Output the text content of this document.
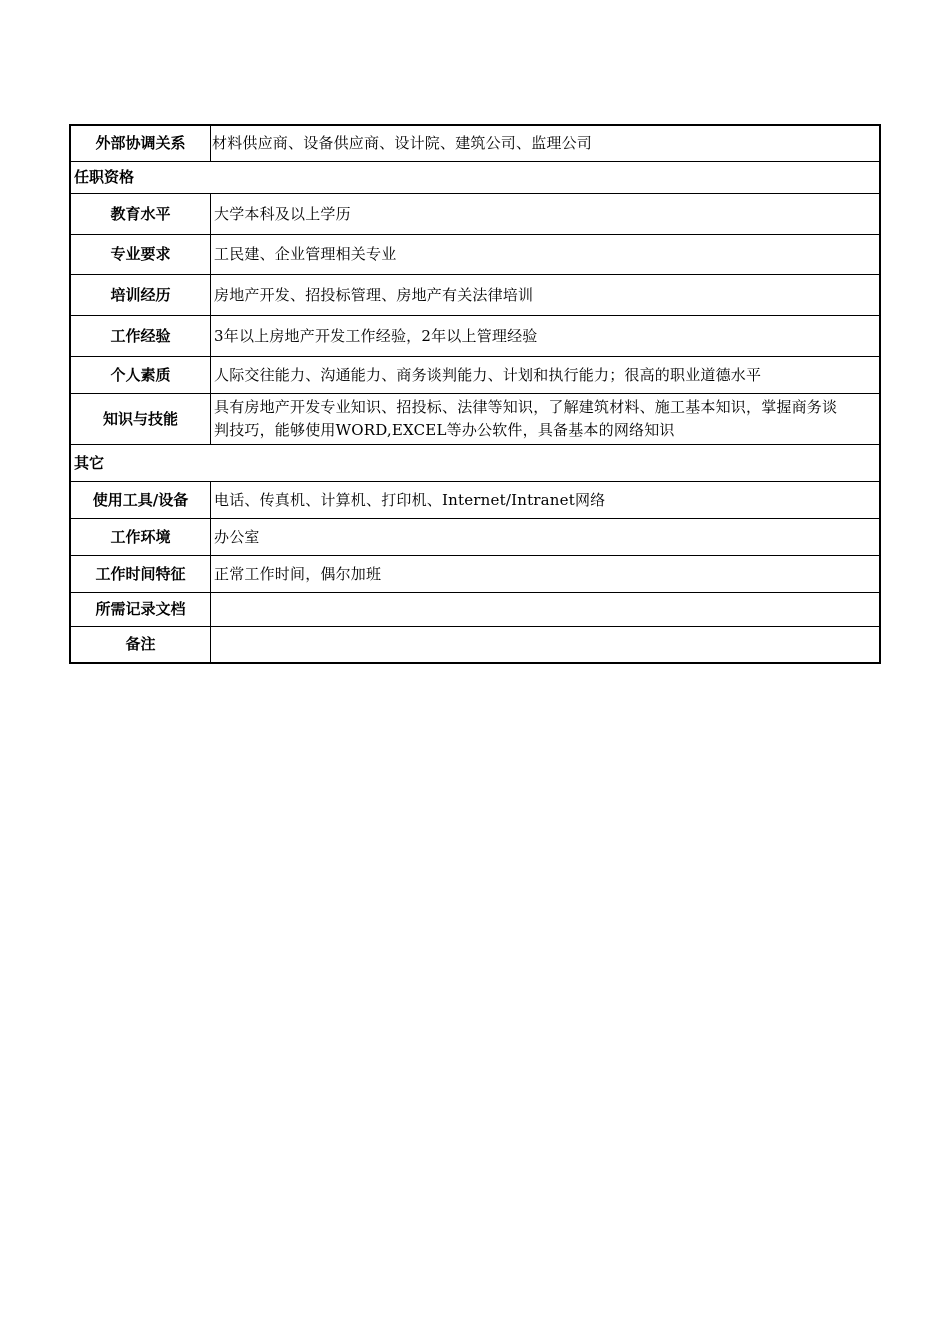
外部协调关系	材料供应商、设备供应商、设计院、建筑公司、监理公司
任职资格	
教育水平	大学本科及以上学历
专业要求	工民建、企业管理相关专业
培训经历	房地产开发、招投标管理、房地产有关法律培训
工作经验	3年以上房地产开发工作经验，2年以上管理经验
个人素质	人际交往能力、沟通能力、商务谈判能力、计划和执行能力；很高的职业道德水平
知识与技能	具有房地产开发专业知识、招投标、法律等知识，了解建筑材料、施工基本知识，掌握商务谈
判技巧，能够使用WORD,EXCEL等办公软件，具备基本的网络知识

其它	
使用工具/设备	电话、传真机、计算机、打印机、Internet/Intranet网络
工作环境	办公室
工作时间特征	正常工作时间，偶尔加班
所需记录文档	
备注	
